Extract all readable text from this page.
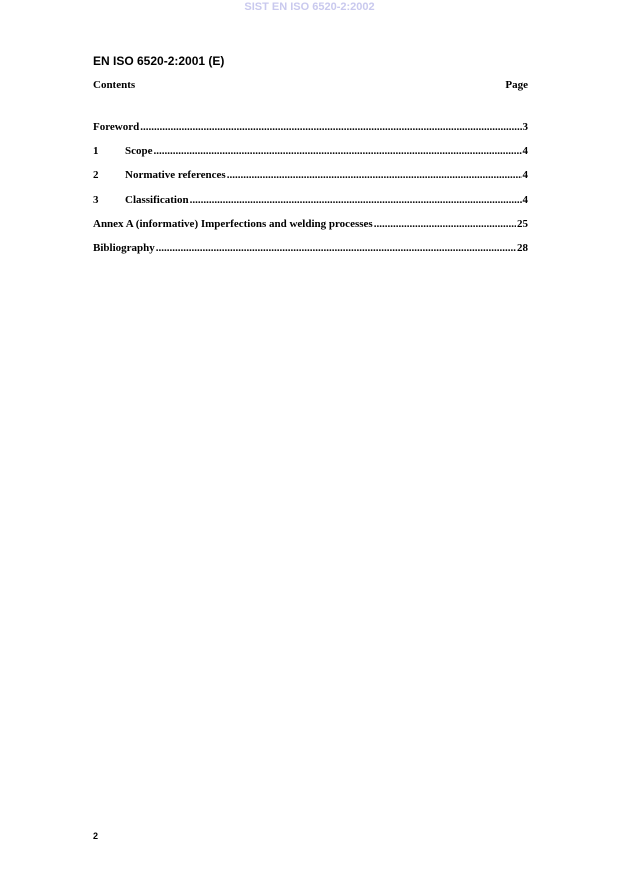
SIST EN ISO 6520-2:2002
EN ISO 6520-2:2001 (E)
Contents	Page
Foreword .....	3
1	Scope .....	4
2	Normative references .....	4
3	Classification .....	4
Annex A (informative) Imperfections and welding processes .....	25
Bibliography .....	28
2
